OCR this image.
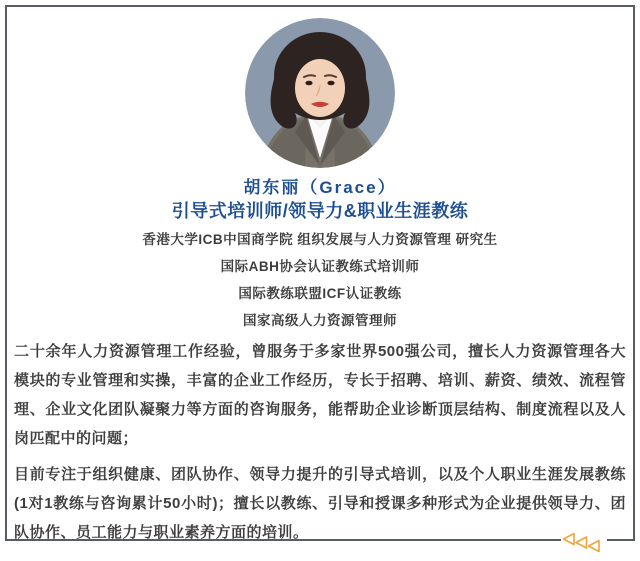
胡东丽（Grace）
引导式培训师/领导力&职业生涯教练
香港大学ICB中国商学院 组织发展与人力资源管理 研究生
国际ABH协会认证教练式培训师
国际教练联盟ICF认证教练
国家高级人力资源管理师

二十余年人力资源管理工作经验，曾服务于多家世界500强公司，擅长人力资源管理各大模块的专业管理和实操，丰富的企业工作经历，专长于招聘、培训、薪资、绩效、流程管理、企业文化团队凝聚力等方面的咨询服务，能帮助企业诊断顶层结构、制度流程以及人岗匹配中的问题；

目前专注于组织健康、团队协作、领导力提升的引导式培训，以及个人职业生涯发展教练(1对1教练与咨询累计50小时)；擅长以教练、引导和授课多种形式为企业提供领导力、团队协作、员工能力与职业素养方面的培训。
